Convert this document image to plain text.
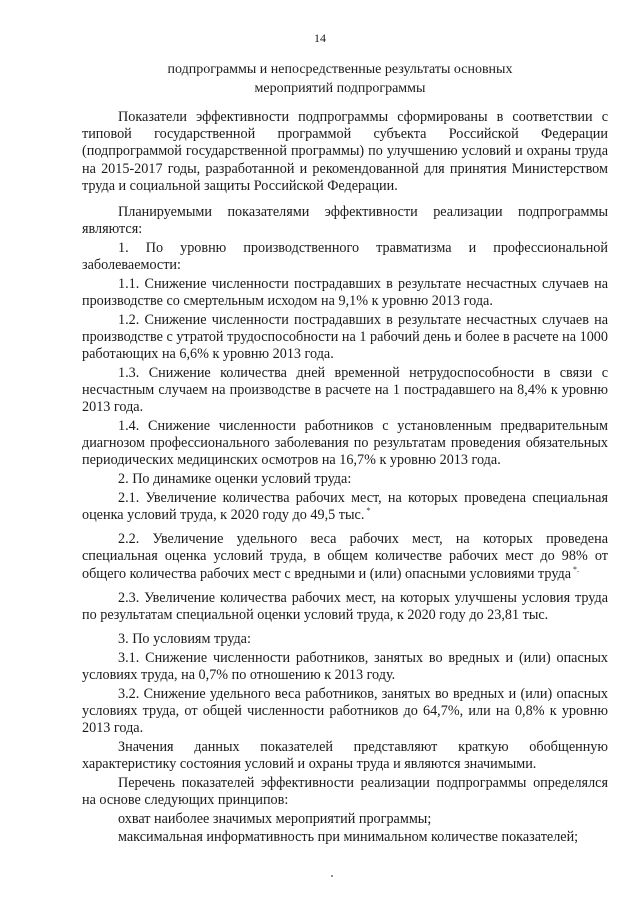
14
подпрограммы и непосредственные результаты основных
мероприятий подпрограммы

Показатели эффективности подпрограммы сформированы в соответствии с типовой государственной программой субъекта Российской Федерации (подпрограммой государственной программы) по улучшению условий и охраны труда на 2015-2017 годы, разработанной и рекомендованной для принятия Министерством труда и социальной защиты Российской Федерации.

Планируемыми показателями эффективности реализации подпрограммы являются:

1. По уровню производственного травматизма и профессиональной заболеваемости:

1.1. Снижение численности пострадавших в результате несчастных случаев на производстве со смертельным исходом на 9,1% к уровню 2013 года.

1.2. Снижение численности пострадавших в результате несчастных случаев на производстве с утратой трудоспособности на 1 рабочий день и более в расчете на 1000 работающих на 6,6% к уровню 2013 года.

1.3. Снижение количества дней временной нетрудоспособности в связи с несчастным случаем на производстве в расчете на 1 пострадавшего на 8,4% к уровню 2013 года.

1.4. Снижение численности работников с установленным предварительным диагнозом профессионального заболевания по результатам проведения обязательных периодических медицинских осмотров на 16,7% к уровню 2013 года.

2. По динамике оценки условий труда:

2.1. Увеличение количества рабочих мест, на которых проведена специальная оценка условий труда, к 2020 году до 49,5 тыс. *

2.2. Увеличение удельного веса рабочих мест, на которых проведена специальная оценка условий труда, в общем количестве рабочих мест до 98% от общего количества рабочих мест с вредными и (или) опасными условиями труда *.

2.3. Увеличение количества рабочих мест, на которых улучшены условия труда по результатам специальной оценки условий труда, к 2020 году до 23,81 тыс.

3. По условиям труда:

3.1. Снижение численности работников, занятых во вредных и (или) опасных условиях труда, на 0,7% по отношению к 2013 году.

3.2. Снижение удельного веса работников, занятых во вредных и (или) опасных условиях труда, от общей численности работников до 64,7%, или на 0,8% к уровню 2013 года.

Значения данных показателей представляют краткую обобщенную характеристику состояния условий и охраны труда и являются значимыми.

Перечень показателей эффективности реализации подпрограммы определялся на основе следующих принципов:

охват наиболее значимых мероприятий программы;

максимальная информативность при минимальном количестве показателей;
